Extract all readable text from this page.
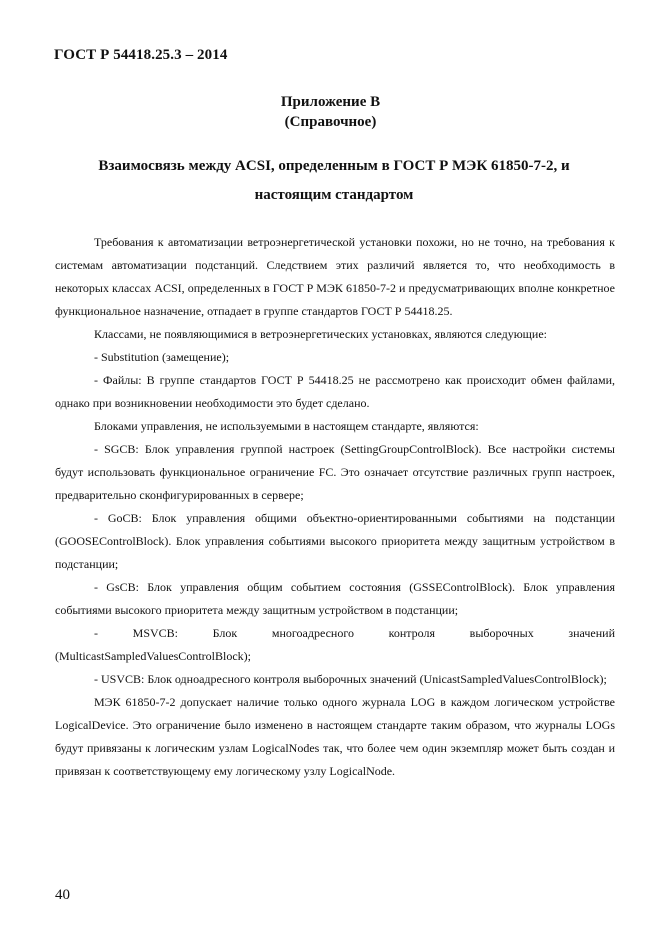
ГОСТ Р 54418.25.3 – 2014
Приложение В
(Справочное)
Взаимосвязь между ACSI, определенным в ГОСТ Р МЭК 61850-7-2, и настоящим стандартом

Требования к автоматизации ветроэнергетической установки похожи, но не точно, на требования к системам автоматизации подстанций. Следствием этих различий является то, что необходимость в некоторых классах ACSI, определенных в ГОСТ Р МЭК 61850-7-2 и предусматривающих вполне конкретное функциональное назначение, отпадает в группе стандартов ГОСТ Р 54418.25.

Классами, не появляющимися в ветроэнергетических установках, являются следующие:

- Substitution (замещение);

- Файлы: В группе стандартов ГОСТ Р 54418.25 не рассмотрено как происходит обмен файлами, однако при возникновении необходимости это будет сделано.

Блоками управления, не используемыми в настоящем стандарте, являются:

- SGCB: Блок управления группой настроек (SettingGroupControlBlock). Все настройки системы будут использовать функциональное ограничение FC. Это означает отсутствие различных групп настроек, предварительно сконфигурированных в сервере;

- GoCB: Блок управления общими объектно-ориентированными событиями на подстанции (GOOSEControlBlock). Блок управления событиями высокого приоритета между защитным устройством в подстанции;

- GsCB: Блок управления общим событием состояния (GSSEControlBlock). Блок управления событиями высокого приоритета между защитным устройством в подстанции;

- MSVCB: Блок многоадресного контроля выборочных значений (MulticastSampledValuesControlBlock);

- USVCB: Блок одноадресного контроля выборочных значений (UnicastSampledValuesControlBlock);

МЭК 61850-7-2 допускает наличие только одного журнала LOG в каждом логическом устройстве LogicalDevice. Это ограничение было изменено в настоящем стандарте таким образом, что журналы LOGs будут привязаны к логическим узлам LogicalNodes так, что более чем один экземпляр может быть создан и привязан к соответствующему ему логическому узлу LogicalNode.

40
